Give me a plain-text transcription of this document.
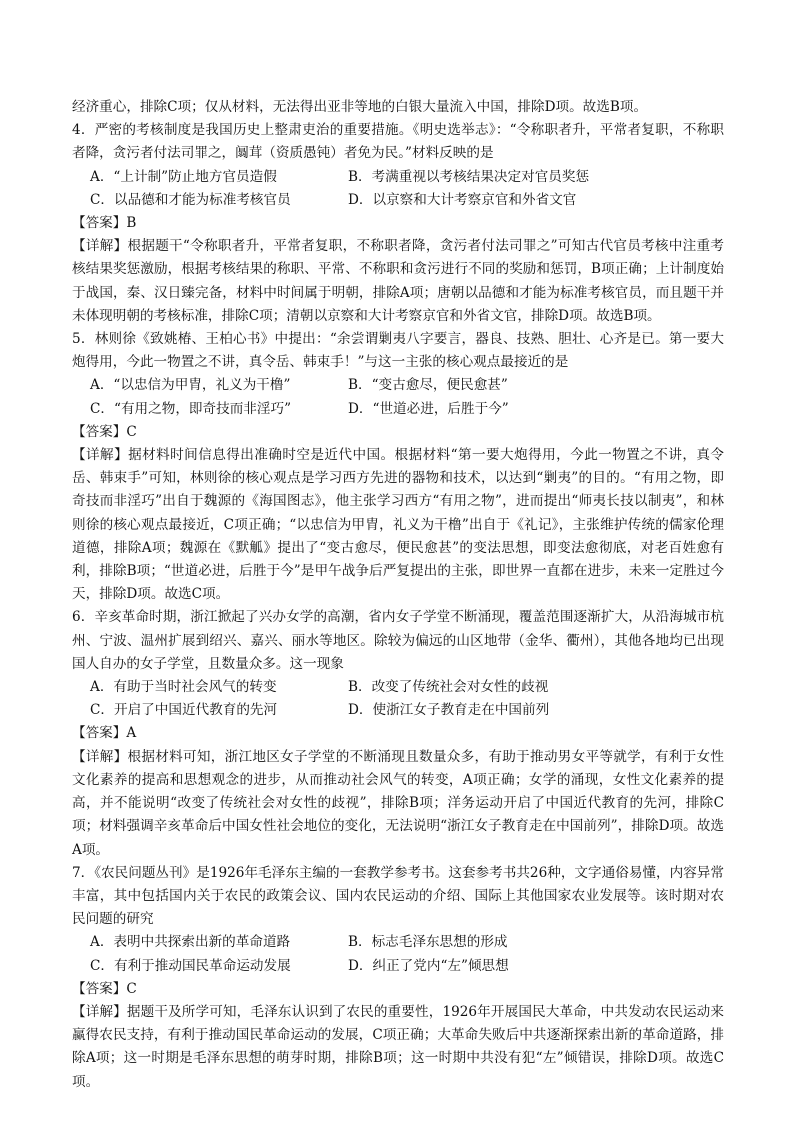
经济重心，排除C项；仅从材料，无法得出亚非等地的白银大量流入中国，排除D项。故选B项。

4．严密的考核制度是我国历史上整肃吏治的重要措施。《明史选举志》：“令称职者升，平常者复职，不称职者降，贪污者付法司罪之，阘茸（资质愚钝）者免为民。”材料反映的是

A．“上计制”防止地方官员造假	B．考满重视以考核结果决定对官员奖惩
C．以品德和才能为标准考核官员	D．以京察和大计考察京官和外省文官

【答案】B

【详解】根据题干“令称职者升，平常者复职，不称职者降，贪污者付法司罪之”可知古代官员考核中注重考核结果奖惩激励，根据考核结果的称职、平常、不称职和贪污进行不同的奖励和惩罚，B项正确；上计制度始于战国，秦、汉日臻完备，材料中时间属于明朝，排除A项；唐朝以品德和才能为标准考核官员，而且题干并未体现明朝的考核标准，排除C项；清朝以京察和大计考察京官和外省文官，排除D项。故选B项。

5．林则徐《致姚椿、王柏心书》中提出：“余尝谓剿夷八字要言，器良、技熟、胆壮、心齐是已。第一要大炮得用，今此一物置之不讲，真令岳、韩束手！”与这一主张的核心观点最接近的是

A．“以忠信为甲胄，礼义为干橹”	B．“变古愈尽，便民愈甚”
C．“有用之物，即奇技而非淫巧”	D．“世道必进，后胜于今”

【答案】C

【详解】据材料时间信息得出准确时空是近代中国。根据材料“第一要大炮得用，今此一物置之不讲，真令岳、韩束手”可知，林则徐的核心观点是学习西方先进的器物和技术，以达到“剿夷”的目的。“有用之物，即奇技而非淫巧”出自于魏源的《海国图志》，他主张学习西方“有用之物”，进而提出“师夷长技以制夷”，和林则徐的核心观点最接近，C项正确；“以忠信为甲胄，礼义为干橹”出自于《礼记》，主张维护传统的儒家伦理道德，排除A项；魏源在《默觚》提出了“变古愈尽，便民愈甚”的变法思想，即变法愈彻底，对老百姓愈有利，排除B项；“世道必进，后胜于今”是甲午战争后严复提出的主张，即世界一直都在进步，未来一定胜过今天，排除D项。故选C项。

6．辛亥革命时期，浙江掀起了兴办女学的高潮，省内女子学堂不断涌现，覆盖范围逐渐扩大，从沿海城市杭州、宁波、温州扩展到绍兴、嘉兴、丽水等地区。除较为偏远的山区地带（金华、衢州），其他各地均已出现国人自办的女子学堂，且数量众多。这一现象

A．有助于当时社会风气的转变	B．改变了传统社会对女性的歧视
C．开启了中国近代教育的先河	D．使浙江女子教育走在中国前列

【答案】A

【详解】根据材料可知，浙江地区女子学堂的不断涌现且数量众多，有助于推动男女平等就学，有利于女性文化素养的提高和思想观念的进步，从而推动社会风气的转变，A项正确；女学的涌现，女性文化素养的提高，并不能说明“改变了传统社会对女性的歧视”，排除B项；洋务运动开启了中国近代教育的先河，排除C项；材料强调辛亥革命后中国女性社会地位的变化，无法说明“浙江女子教育走在中国前列”，排除D项。故选A项。

7．《农民问题丛刊》是1926年毛泽东主编的一套教学参考书。这套参考书共26种，文字通俗易懂，内容异常丰富，其中包括国内关于农民的政策会议、国内农民运动的介绍、国际上其他国家农业发展等。该时期对农民问题的研究

A．表明中共探索出新的革命道路	B．标志毛泽东思想的形成
C．有利于推动国民革命运动发展	D．纠正了党内“左”倾思想

【答案】C

【详解】据题干及所学可知，毛泽东认识到了农民的重要性，1926年开展国民大革命，中共发动农民运动来赢得农民支持，有利于推动国民革命运动的发展，C项正确；大革命失败后中共逐渐探索出新的革命道路，排除A项；这一时期是毛泽东思想的萌芽时期，排除B项；这一时期中共没有犯“左”倾错误，排除D项。故选C项。
